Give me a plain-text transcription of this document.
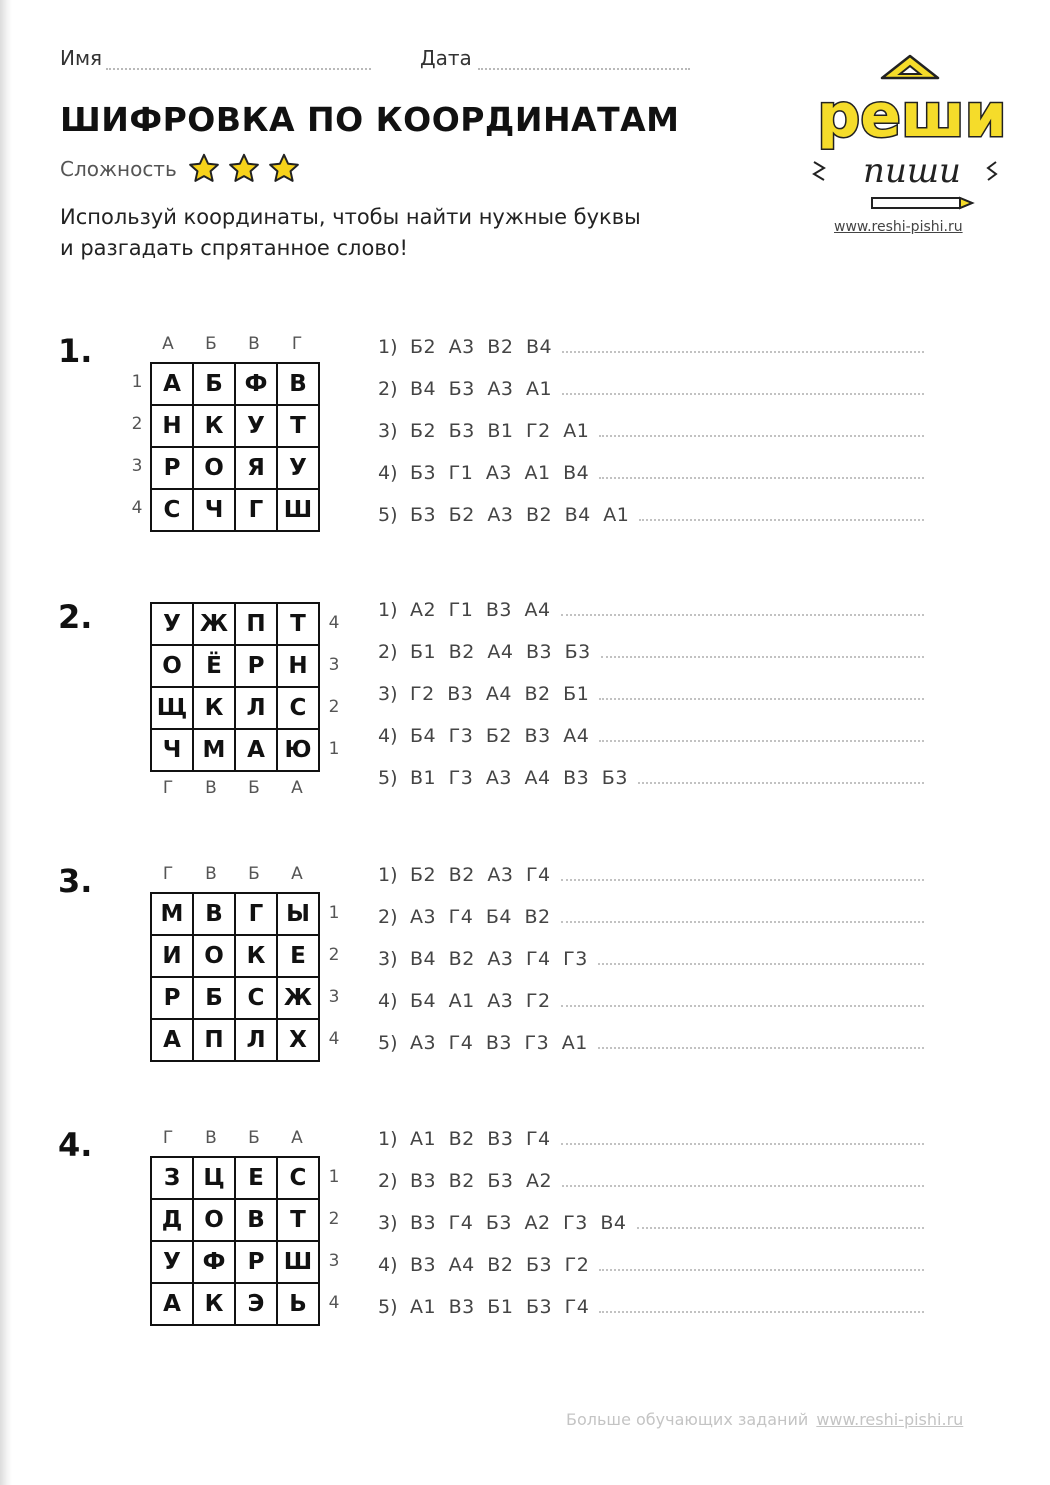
Имя	Дата
ШИФРОВКА ПО КООРДИНАТАМ
Сложность
Используй координаты, чтобы найти нужные буквы
и разгадать спрятанное слово!
реши
пиши
www.reshi-pishi.ru
1.	А	Б	В	Г
1
2
3
4
А	Б Ф В
Н К	У	Т
Р	О	Я	У
С	Ч	Г Ш
1) Б2 А3 В2 В4
2) В4 Б3 А3 А1
3) Б2 Б3 В1 Г2 А1
4) Б3 Г1 А3 А1 В4
5) Б3 Б2 А3 В2 В4 А1
2.	У Ж П	Т
О	Ё	Р	Н
Щ К	Л	С
Ч М А Ю
4
3
2
1
Г	В	Б	А
1) А2 Г1 В3 А4
2) Б1 В2 А4 В3 Б3
3) Г2 В3 А4 В2 Б1
4) Б4 Г3 Б2 В3 А4
5) В1 Г3 А3 А4 В3 Б3
3.	Г	В	Б	А
М В	Г Ы
И О К	Е
Р	Б	С Ж
А	П Л	Х
1
2
3
4
1) Б2 В2 А3 Г4
2) А3 Г4 Б4 В2
3) В4 В2 А3 Г4 Г3
4) Б4 А1 А3 Г2
5) А3 Г4 В3 Г3 А1
4.	Г	В	Б	А
З	Ц	Е	С
Д О	В	Т
У Ф Р Ш
А	К	Э	Ь
1
2
3
4
1) А1 В2 В3 Г4
2) В3 В2 Б3 А2
3) В3 Г4 Б3 А2 Г3 В4
4) В3 А4 В2 Б3 Г2
5) А1 В3 Б1 Б3 Г4
Больше обучающих заданий www.reshi-pishi.ru
